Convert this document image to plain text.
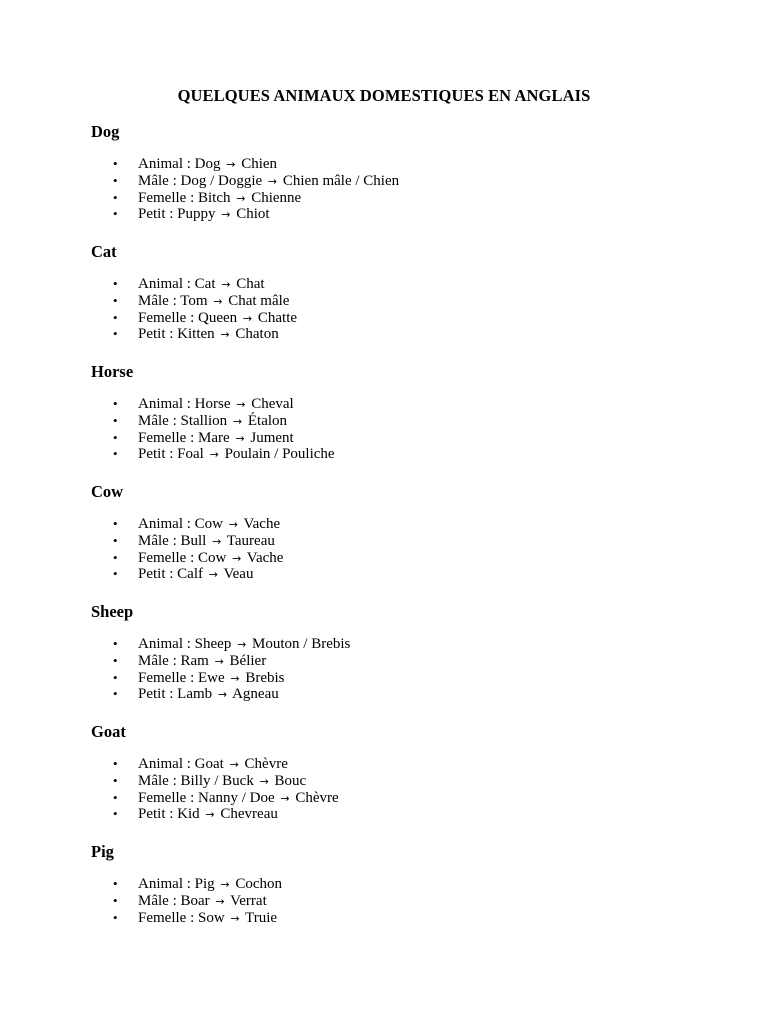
QUELQUES ANIMAUX DOMESTIQUES EN ANGLAIS
Dog
• Animal : Dog → Chien
• Mâle : Dog / Doggie → Chien mâle / Chien
• Femelle : Bitch → Chienne
• Petit : Puppy → Chiot
Cat
• Animal : Cat → Chat
• Mâle : Tom → Chat mâle
• Femelle : Queen → Chatte
• Petit : Kitten → Chaton
Horse
• Animal : Horse → Cheval
• Mâle : Stallion → Étalon
• Femelle : Mare → Jument
• Petit : Foal → Poulain / Pouliche
Cow
• Animal : Cow → Vache
• Mâle : Bull → Taureau
• Femelle : Cow → Vache
• Petit : Calf → Veau
Sheep
• Animal : Sheep → Mouton / Brebis
• Mâle : Ram → Bélier
• Femelle : Ewe → Brebis
• Petit : Lamb → Agneau
Goat
• Animal : Goat → Chèvre
• Mâle : Billy / Buck → Bouc
• Femelle : Nanny / Doe → Chèvre
• Petit : Kid → Chevreau
Pig
• Animal : Pig → Cochon
• Mâle : Boar → Verrat
• Femelle : Sow → Truie
